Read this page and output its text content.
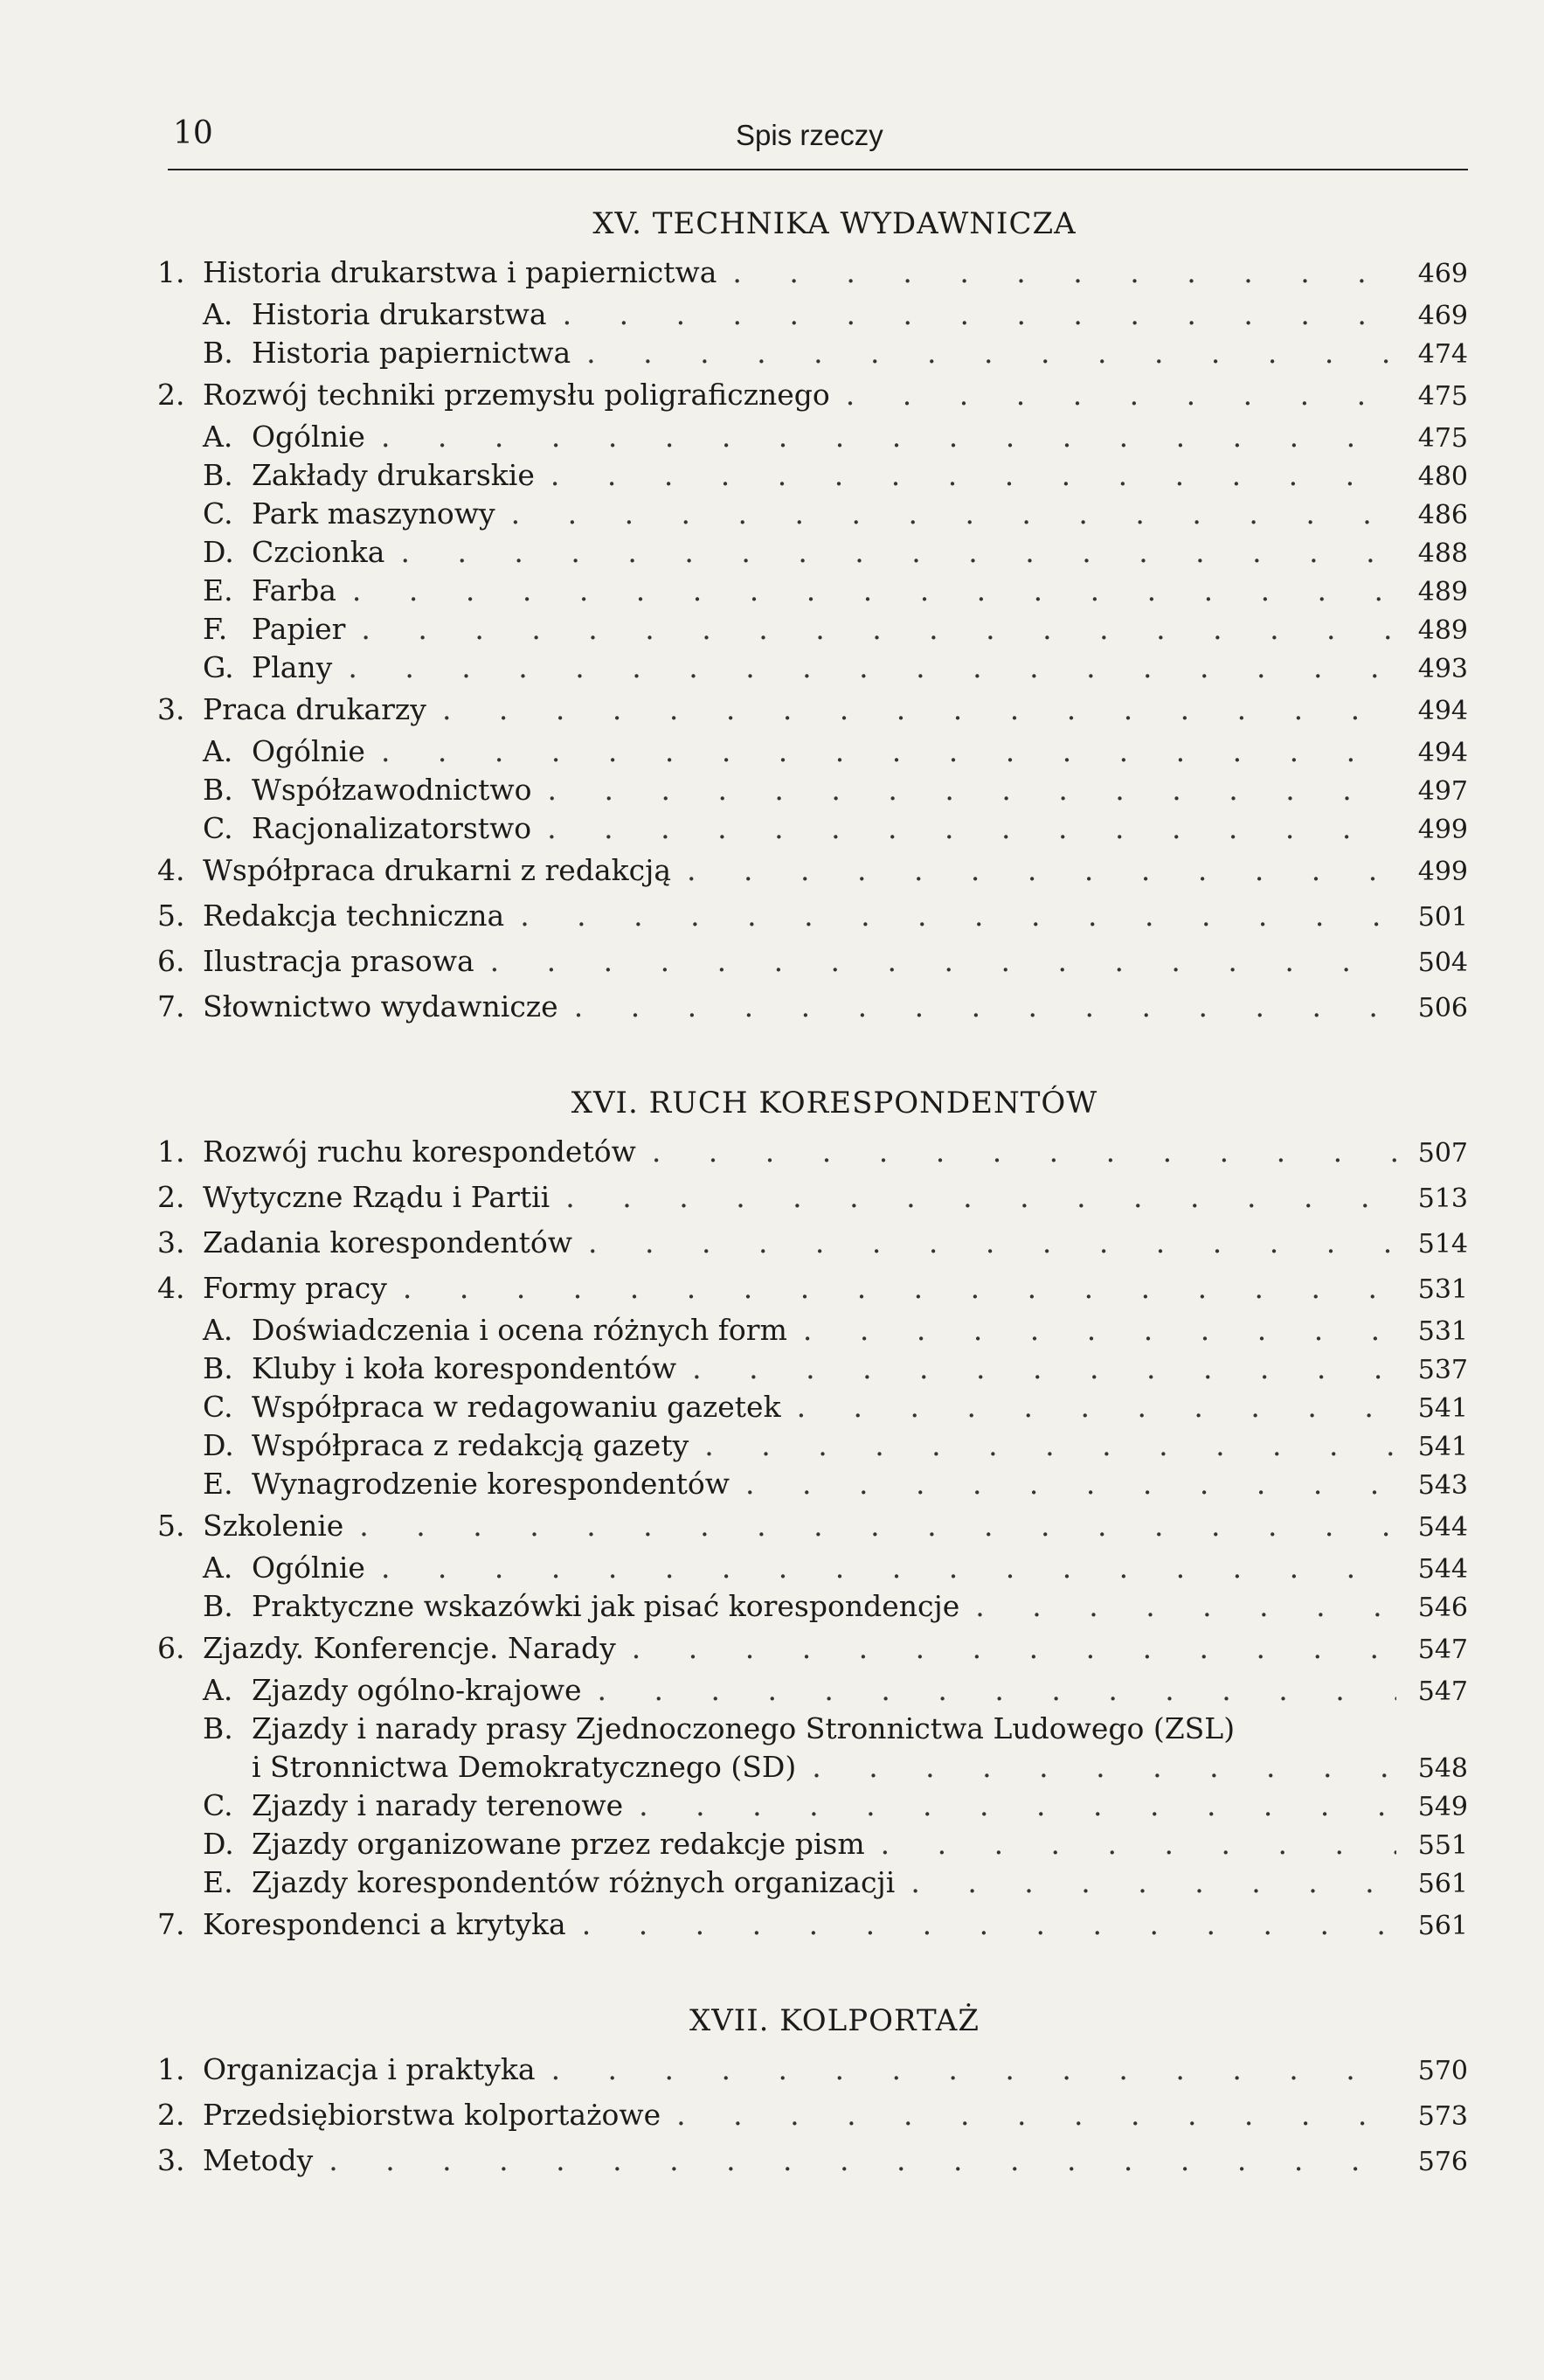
10	Spis rzeczy
XV. TECHNIKA WYDAWNICZA
1. Historia drukarstwa i papiernictwa . . .	469
A. Historia drukarstwa . . .	469
B. Historia papiernictwa . . .	474
2. Rozwój techniki przemysłu poligraficznego . . .	475
A. Ogólnie . . .	475
B. Zakłady drukarskie . . .	480
C. Park maszynowy . . .	486
D. Czcionka . . .	488
E. Farba . . .	489
F. Papier . . .	489
G. Plany . . .	493
3. Praca drukarzy . . .	494
A. Ogólnie . . .	494
B. Współzawodnictwo . . .	497
C. Racjonalizatorstwo . . .	499
4. Współpraca drukarni z redakcją . . .	499
5. Redakcja techniczna . . .	501
6. Ilustracja prasowa . . .	504
7. Słownictwo wydawnicze . . .	506
XVI. RUCH KORESPONDENTÓW
1. Rozwój ruchu korespondetów . . .	507
2. Wytyczne Rządu i Partii . . .	513
3. Zadania korespondentów . . .	514
4. Formy pracy . . .	531
A. Doświadczenia i ocena różnych form . . .	531
B. Kluby i koła korespondentów . . .	537
C. Współpraca w redagowaniu gazetek . . .	541
D. Współpraca z redakcją gazety . . .	541
E. Wynagrodzenie korespondentów . . .	543
5. Szkolenie . . .	544
A. Ogólnie . . .	544
B. Praktyczne wskazówki jak pisać korespondencje . . .	546
6. Zjazdy. Konferencje. Narady . . .	547
A. Zjazdy ogólno-krajowe . . .	547
B. Zjazdy i narady prasy Zjednoczonego Stronnictwa Ludowego (ZSL)
i Stronnictwa Demokratycznego (SD) . . .	548
C. Zjazdy i narady terenowe . . .	549
D. Zjazdy organizowane przez redakcje pism . . .	551
E. Zjazdy korespondentów różnych organizacji . . .	561
7. Korespondenci a krytyka . . .	561
XVII. KOLPORTAŻ
1. Organizacja i praktyka . . .	570
2. Przedsiębiorstwa kolportażowe . . .	573
3. Metody . . .	576
